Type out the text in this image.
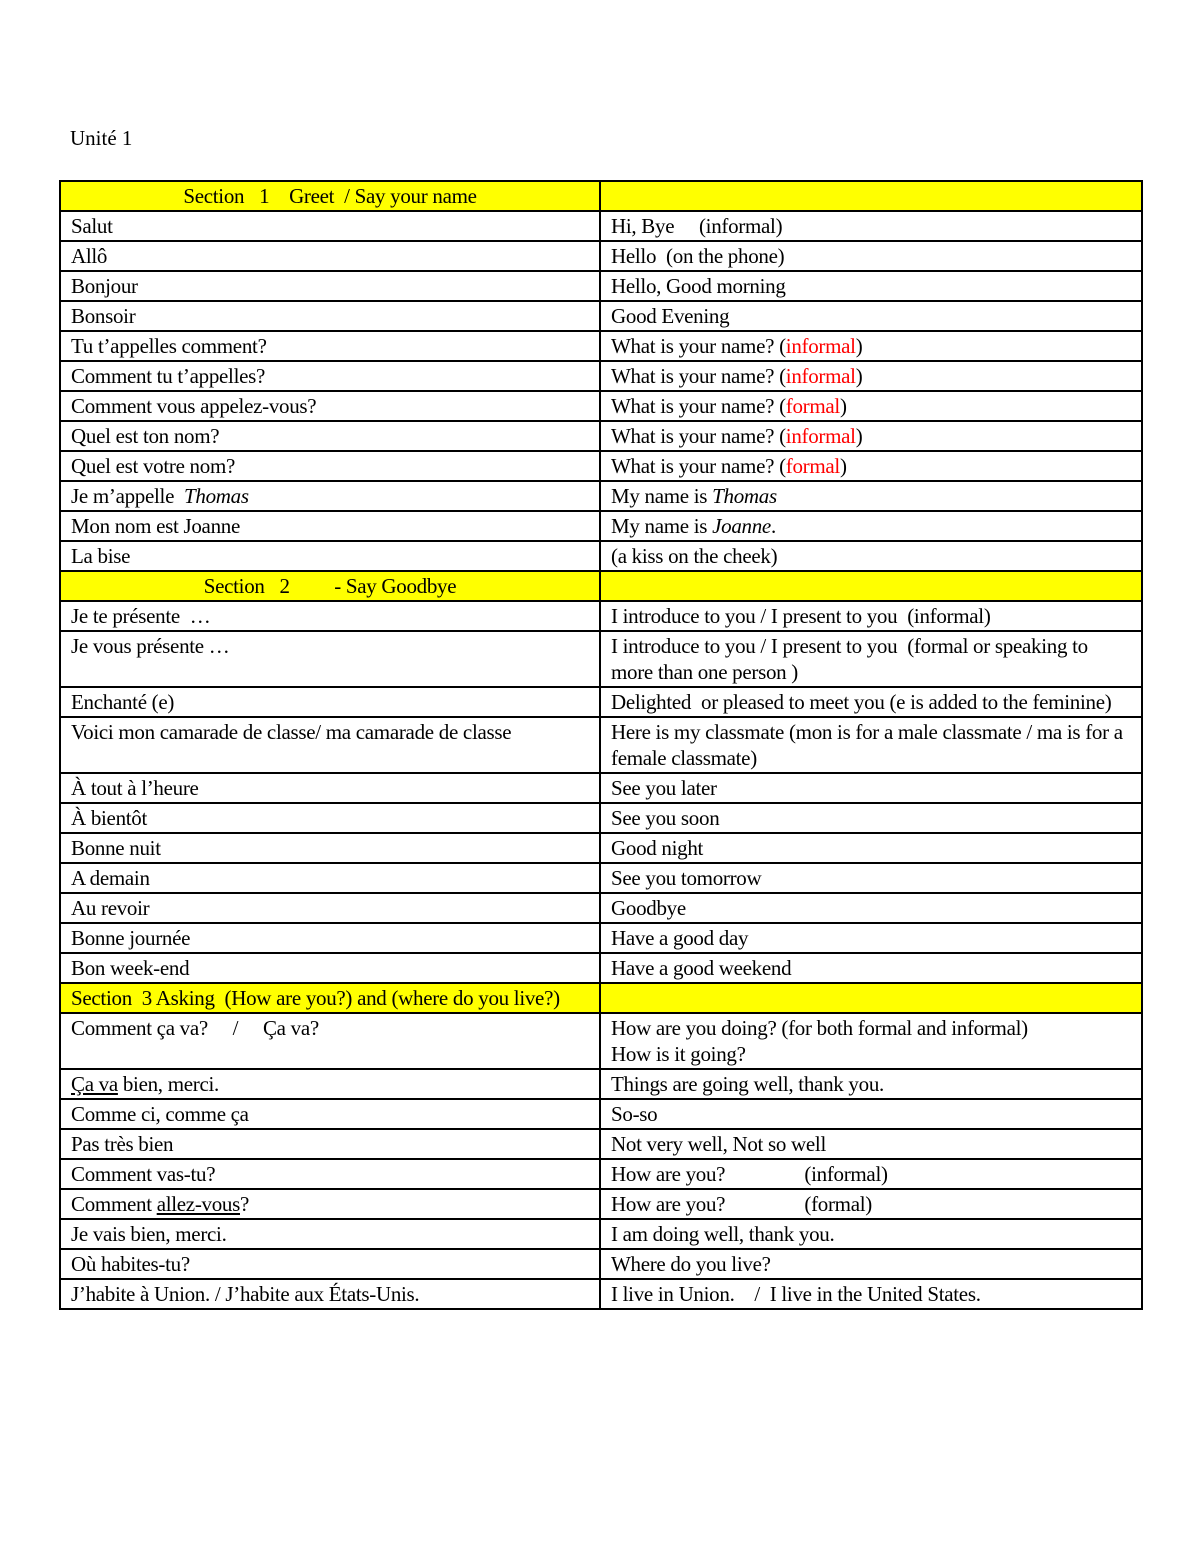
Unité 1
Section   1    Greet  / Say your name	
Salut	Hi, Bye     (informal)
Allô	Hello  (on the phone)
Bonjour	Hello, Good morning
Bonsoir	Good Evening
Tu t’appelles comment?	What is your name? (informal)
Comment tu t’appelles?	What is your name? (informal)
Comment vous appelez-vous?	What is your name? (formal)
Quel est ton nom?	What is your name? (informal)
Quel est votre nom?	What is your name? (formal)
Je m’appelle  Thomas	My name is Thomas
Mon nom est Joanne	My name is Joanne.
La bise	(a kiss on the cheek)
Section   2         - Say Goodbye	
Je te présente  …	I introduce to you / I present to you  (informal)
Je vous présente …	I introduce to you / I present to you  (formal or speaking to more than one person )
Enchanté (e)	Delighted  or pleased to meet you (e is added to the feminine)
Voici mon camarade de classe/ ma camarade de classe	Here is my classmate (mon is for a male classmate / ma is for a female classmate)
À tout à l’heure	See you later
À bientôt	See you soon
Bonne nuit	Good night
A demain	See you tomorrow
Au revoir	Goodbye
Bonne journée	Have a good day
Bon week-end	Have a good weekend
Section  3 Asking  (How are you?) and (where do you live?)	
Comment ça va?     /     Ça va?	How are you doing? (for both formal and informal)
How is it going?
Ça va bien, merci.	Things are going well, thank you.
Comme ci, comme ça	So-so
Pas très bien	Not very well, Not so well
Comment vas-tu?	How are you?                (informal)
Comment allez-vous?	How are you?                (formal)
Je vais bien, merci.	I am doing well, thank you.
Où habites-tu?	Where do you live?
J’habite à Union. / J’habite aux États-Unis.	I live in Union.    /  I live in the United States.
